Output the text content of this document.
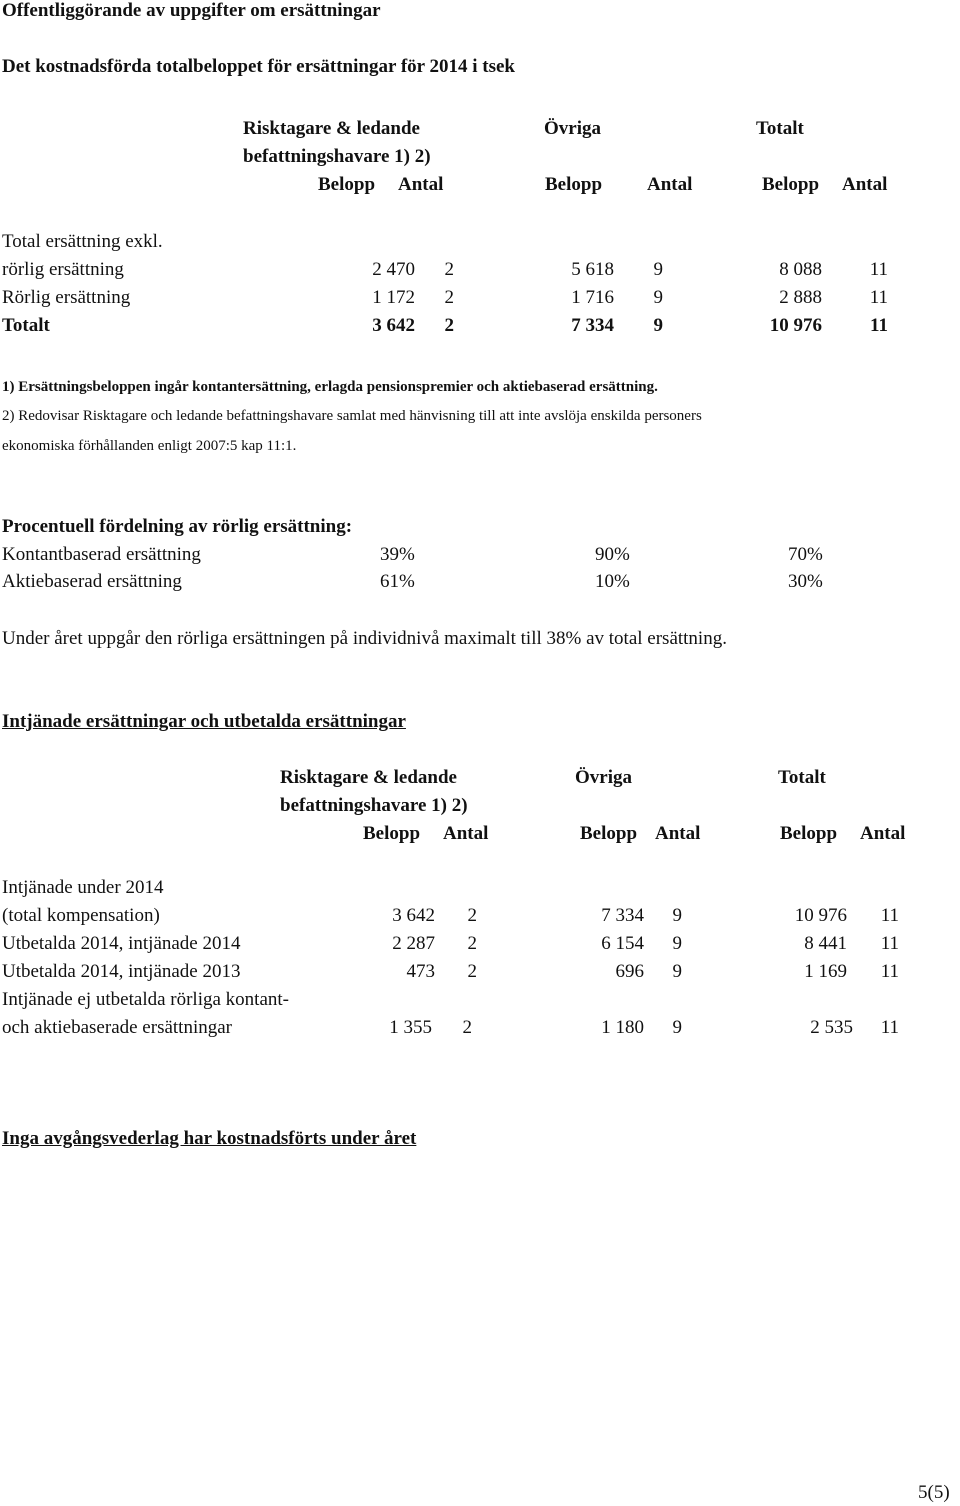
Offentliggörande av uppgifter om ersättningar
Det kostnadsförda totalbeloppet för ersättningar för 2014 i tsek
Risktagare & ledande
befattningshavare 1) 2)
Övriga	Totalt
Belopp Antal	Belopp Antal	Belopp Antal
Total ersättning exkl.
rörlig ersättning	2 470	2	5 618	9	8 088	11
Rörlig ersättning	1 172	2	1 716	9	2 888	11
Totalt	3 642	2	7 334	9	10 976	11
1) Ersättningsbeloppen ingår kontantersättning, erlagda pensionspremier och aktiebaserad ersättning.
2) Redovisar Risktagare och ledande befattningshavare samlat med hänvisning till att inte avslöja enskilda personers
ekonomiska förhållanden enligt 2007:5 kap 11:1.
Procentuell fördelning av rörlig ersättning:
Kontantbaserad ersättning	39%	90%	70%
Aktiebaserad ersättning	61%	10%	30%
Under året uppgår den rörliga ersättningen på individnivå maximalt till 38% av total ersättning.
Intjänade ersättningar och utbetalda ersättningar
Risktagare & ledande
befattningshavare 1) 2)
Övriga	Totalt
Belopp Antal	Belopp Antal	Belopp Antal
Intjänade under 2014
(total kompensation)	3 642	2	7 334	9	10 976	11
Utbetalda 2014, intjänade 2014	2 287	2	6 154	9	8 441	11
Utbetalda 2014, intjänade 2013	473	2	696	9	1 169	11
Intjänade ej utbetalda rörliga kontant-
och aktiebaserade ersättningar	1 355	2	1 180	9	2 535	11
Inga avgångsvederlag har kostnadsförts under året
5(5)
